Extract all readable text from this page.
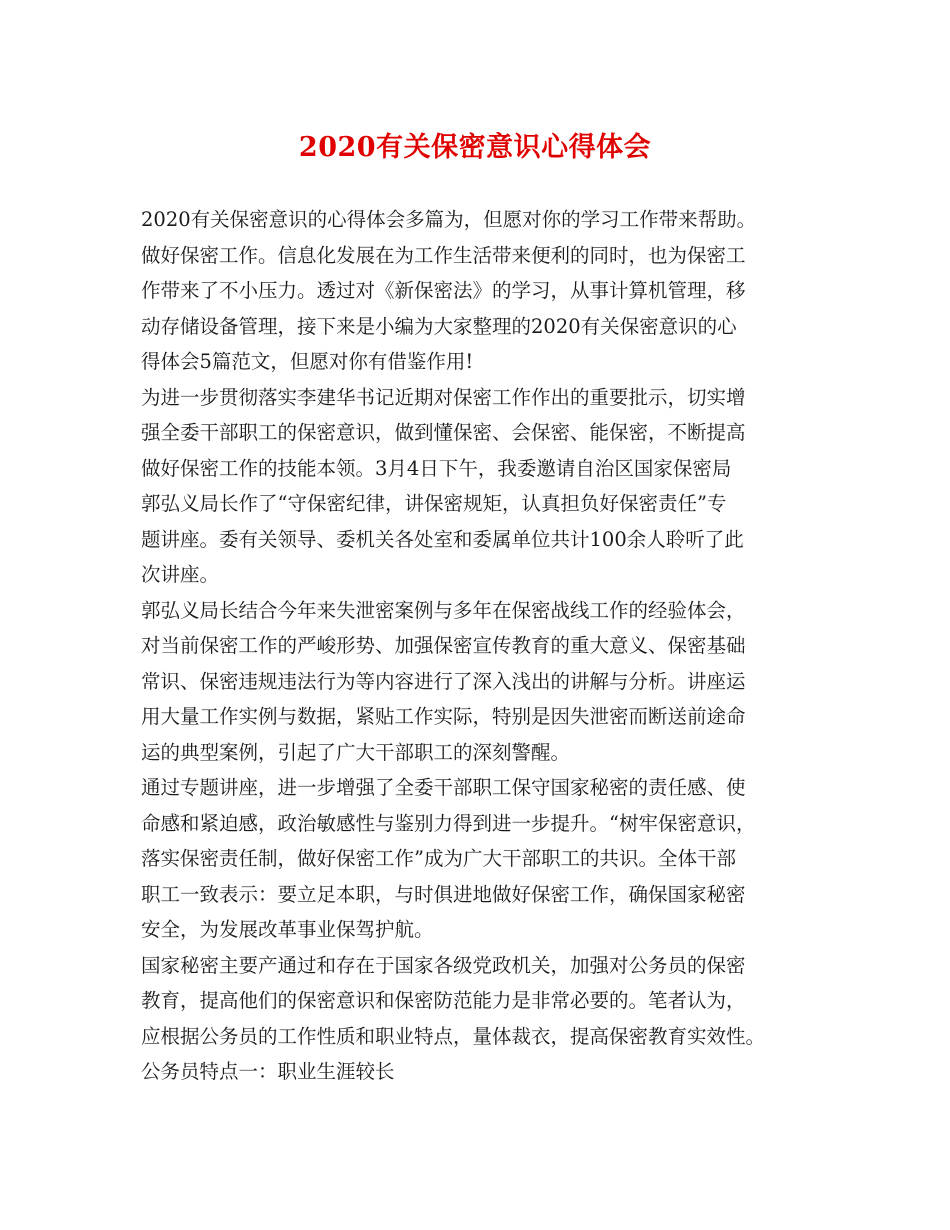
2020有关保密意识心得体会
2020有关保密意识的心得体会多篇为，但愿对你的学习工作带来帮助。
做好保密工作。信息化发展在为工作生活带来便利的同时，也为保密工
作带来了不小压力。透过对《新保密法》的学习，从事计算机管理，移
动存储设备管理，接下来是小编为大家整理的2020有关保密意识的心
得体会5篇范文，但愿对你有借鉴作用!
为进一步贯彻落实李建华书记近期对保密工作作出的重要批示，切实增
强全委干部职工的保密意识，做到懂保密、会保密、能保密，不断提高
做好保密工作的技能本领。3月4日下午，我委邀请自治区国家保密局
郭弘义局长作了“守保密纪律，讲保密规矩，认真担负好保密责任”专
题讲座。委有关领导、委机关各处室和委属单位共计100余人聆听了此
次讲座。
郭弘义局长结合今年来失泄密案例与多年在保密战线工作的经验体会，
对当前保密工作的严峻形势、加强保密宣传教育的重大意义、保密基础
常识、保密违规违法行为等内容进行了深入浅出的讲解与分析。讲座运
用大量工作实例与数据，紧贴工作实际，特别是因失泄密而断送前途命
运的典型案例，引起了广大干部职工的深刻警醒。
通过专题讲座，进一步增强了全委干部职工保守国家秘密的责任感、使
命感和紧迫感，政治敏感性与鉴别力得到进一步提升。“树牢保密意识，
落实保密责任制，做好保密工作”成为广大干部职工的共识。全体干部
职工一致表示：要立足本职，与时俱进地做好保密工作，确保国家秘密
安全，为发展改革事业保驾护航。
国家秘密主要产通过和存在于国家各级党政机关，加强对公务员的保密
教育，提高他们的保密意识和保密防范能力是非常必要的。笔者认为，
应根据公务员的工作性质和职业特点，量体裁衣，提高保密教育实效性。
公务员特点一：职业生涯较长
